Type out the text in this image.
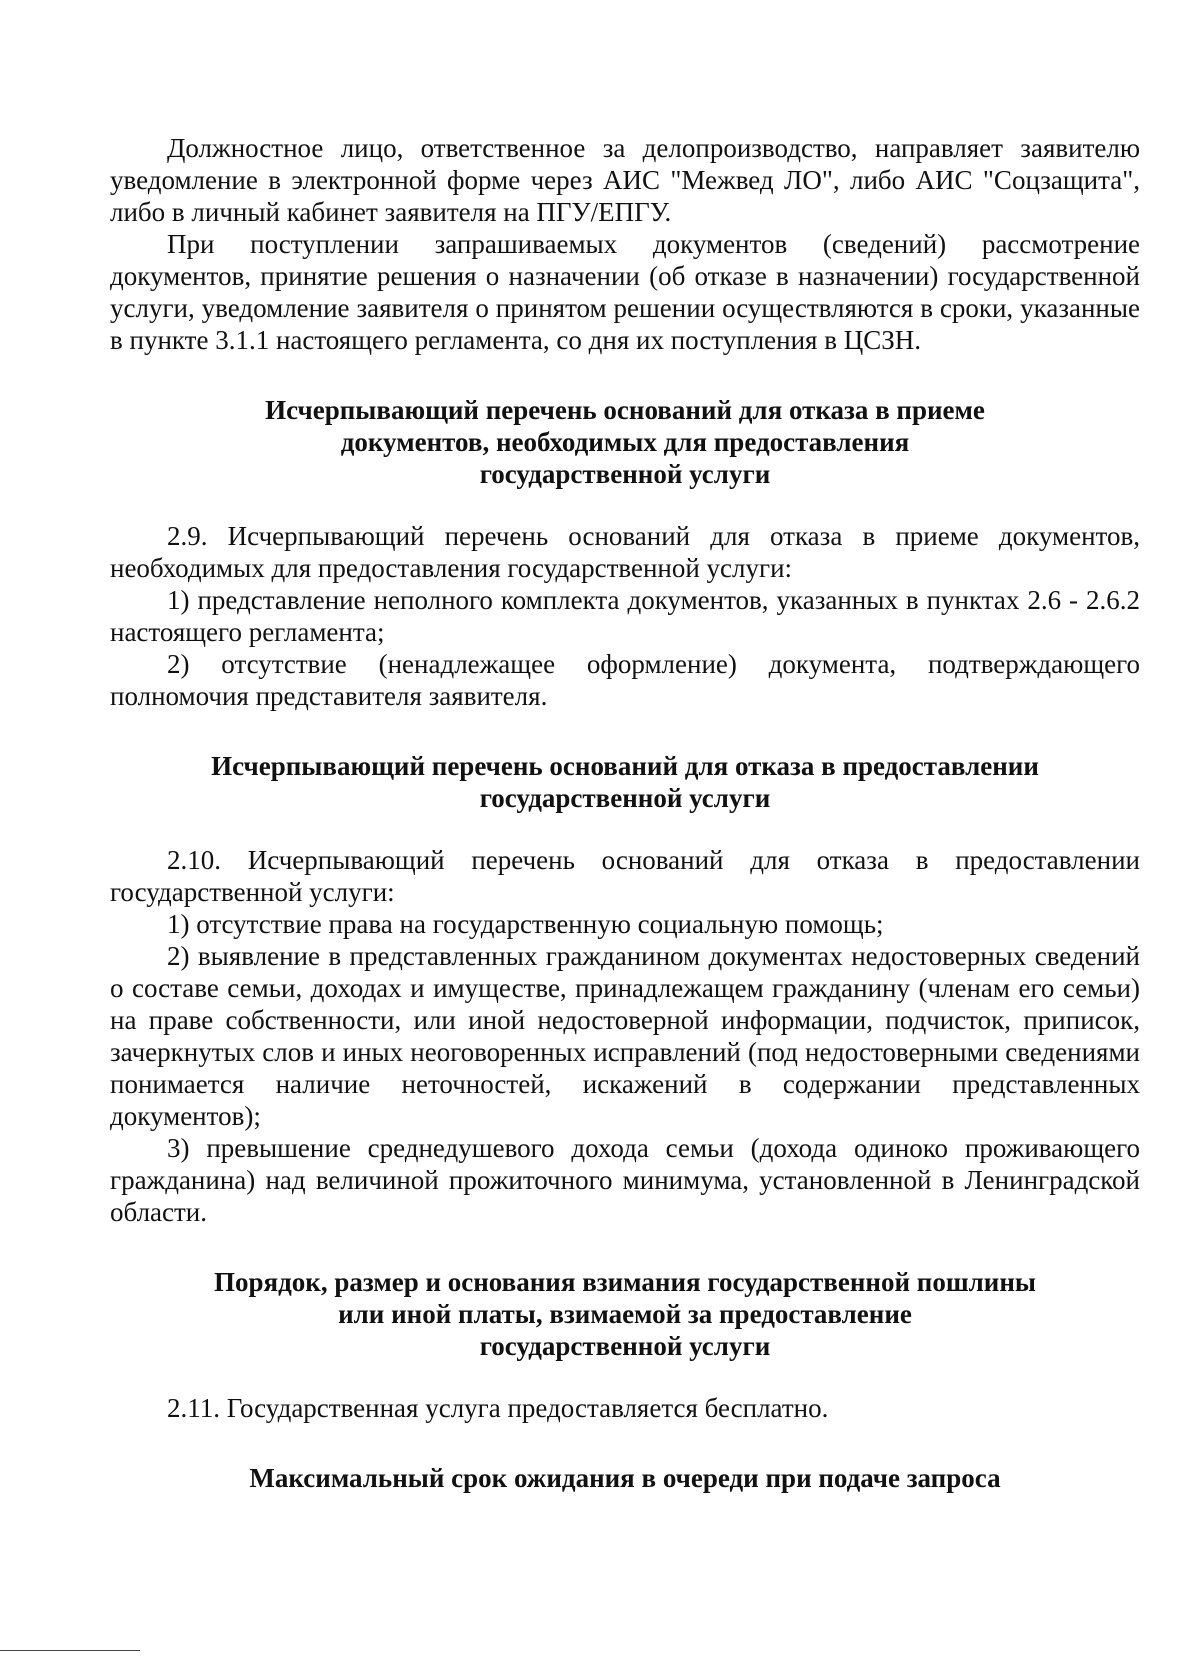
Должностное лицо, ответственное за делопроизводство, направляет заявителю уведомление в электронной форме через АИС "Межвед ЛО", либо АИС "Соцзащита", либо в личный кабинет заявителя на ПГУ/ЕПГУ.

При поступлении запрашиваемых документов (сведений) рассмотрение документов, принятие решения о назначении (об отказе в назначении) государственной услуги, уведомление заявителя о принятом решении осуществляются в сроки, указанные в пункте 3.1.1 настоящего регламента, со дня их поступления в ЦСЗН.

Исчерпывающий перечень оснований для отказа в приеме
документов, необходимых для предоставления
государственной услуги

2.9. Исчерпывающий перечень оснований для отказа в приеме документов, необходимых для предоставления государственной услуги:

1) представление неполного комплекта документов, указанных в пунктах 2.6 - 2.6.2 настоящего регламента;

2) отсутствие (ненадлежащее оформление) документа, подтверждающего полномочия представителя заявителя.

Исчерпывающий перечень оснований для отказа в предоставлении
государственной услуги

2.10. Исчерпывающий перечень оснований для отказа в предоставлении государственной услуги:

1) отсутствие права на государственную социальную помощь;

2) выявление в представленных гражданином документах недостоверных сведений о составе семьи, доходах и имуществе, принадлежащем гражданину (членам его семьи) на праве собственности, или иной недостоверной информации, подчисток, приписок, зачеркнутых слов и иных неоговоренных исправлений (под недостоверными сведениями понимается наличие неточностей, искажений в содержании представленных документов);

3) превышение среднедушевого дохода семьи (дохода одиноко проживающего гражданина) над величиной прожиточного минимума, установленной в Ленинградской области.

Порядок, размер и основания взимания государственной пошлины
или иной платы, взимаемой за предоставление
государственной услуги

2.11. Государственная услуга предоставляется бесплатно.

Максимальный срок ожидания в очереди при подаче запроса
